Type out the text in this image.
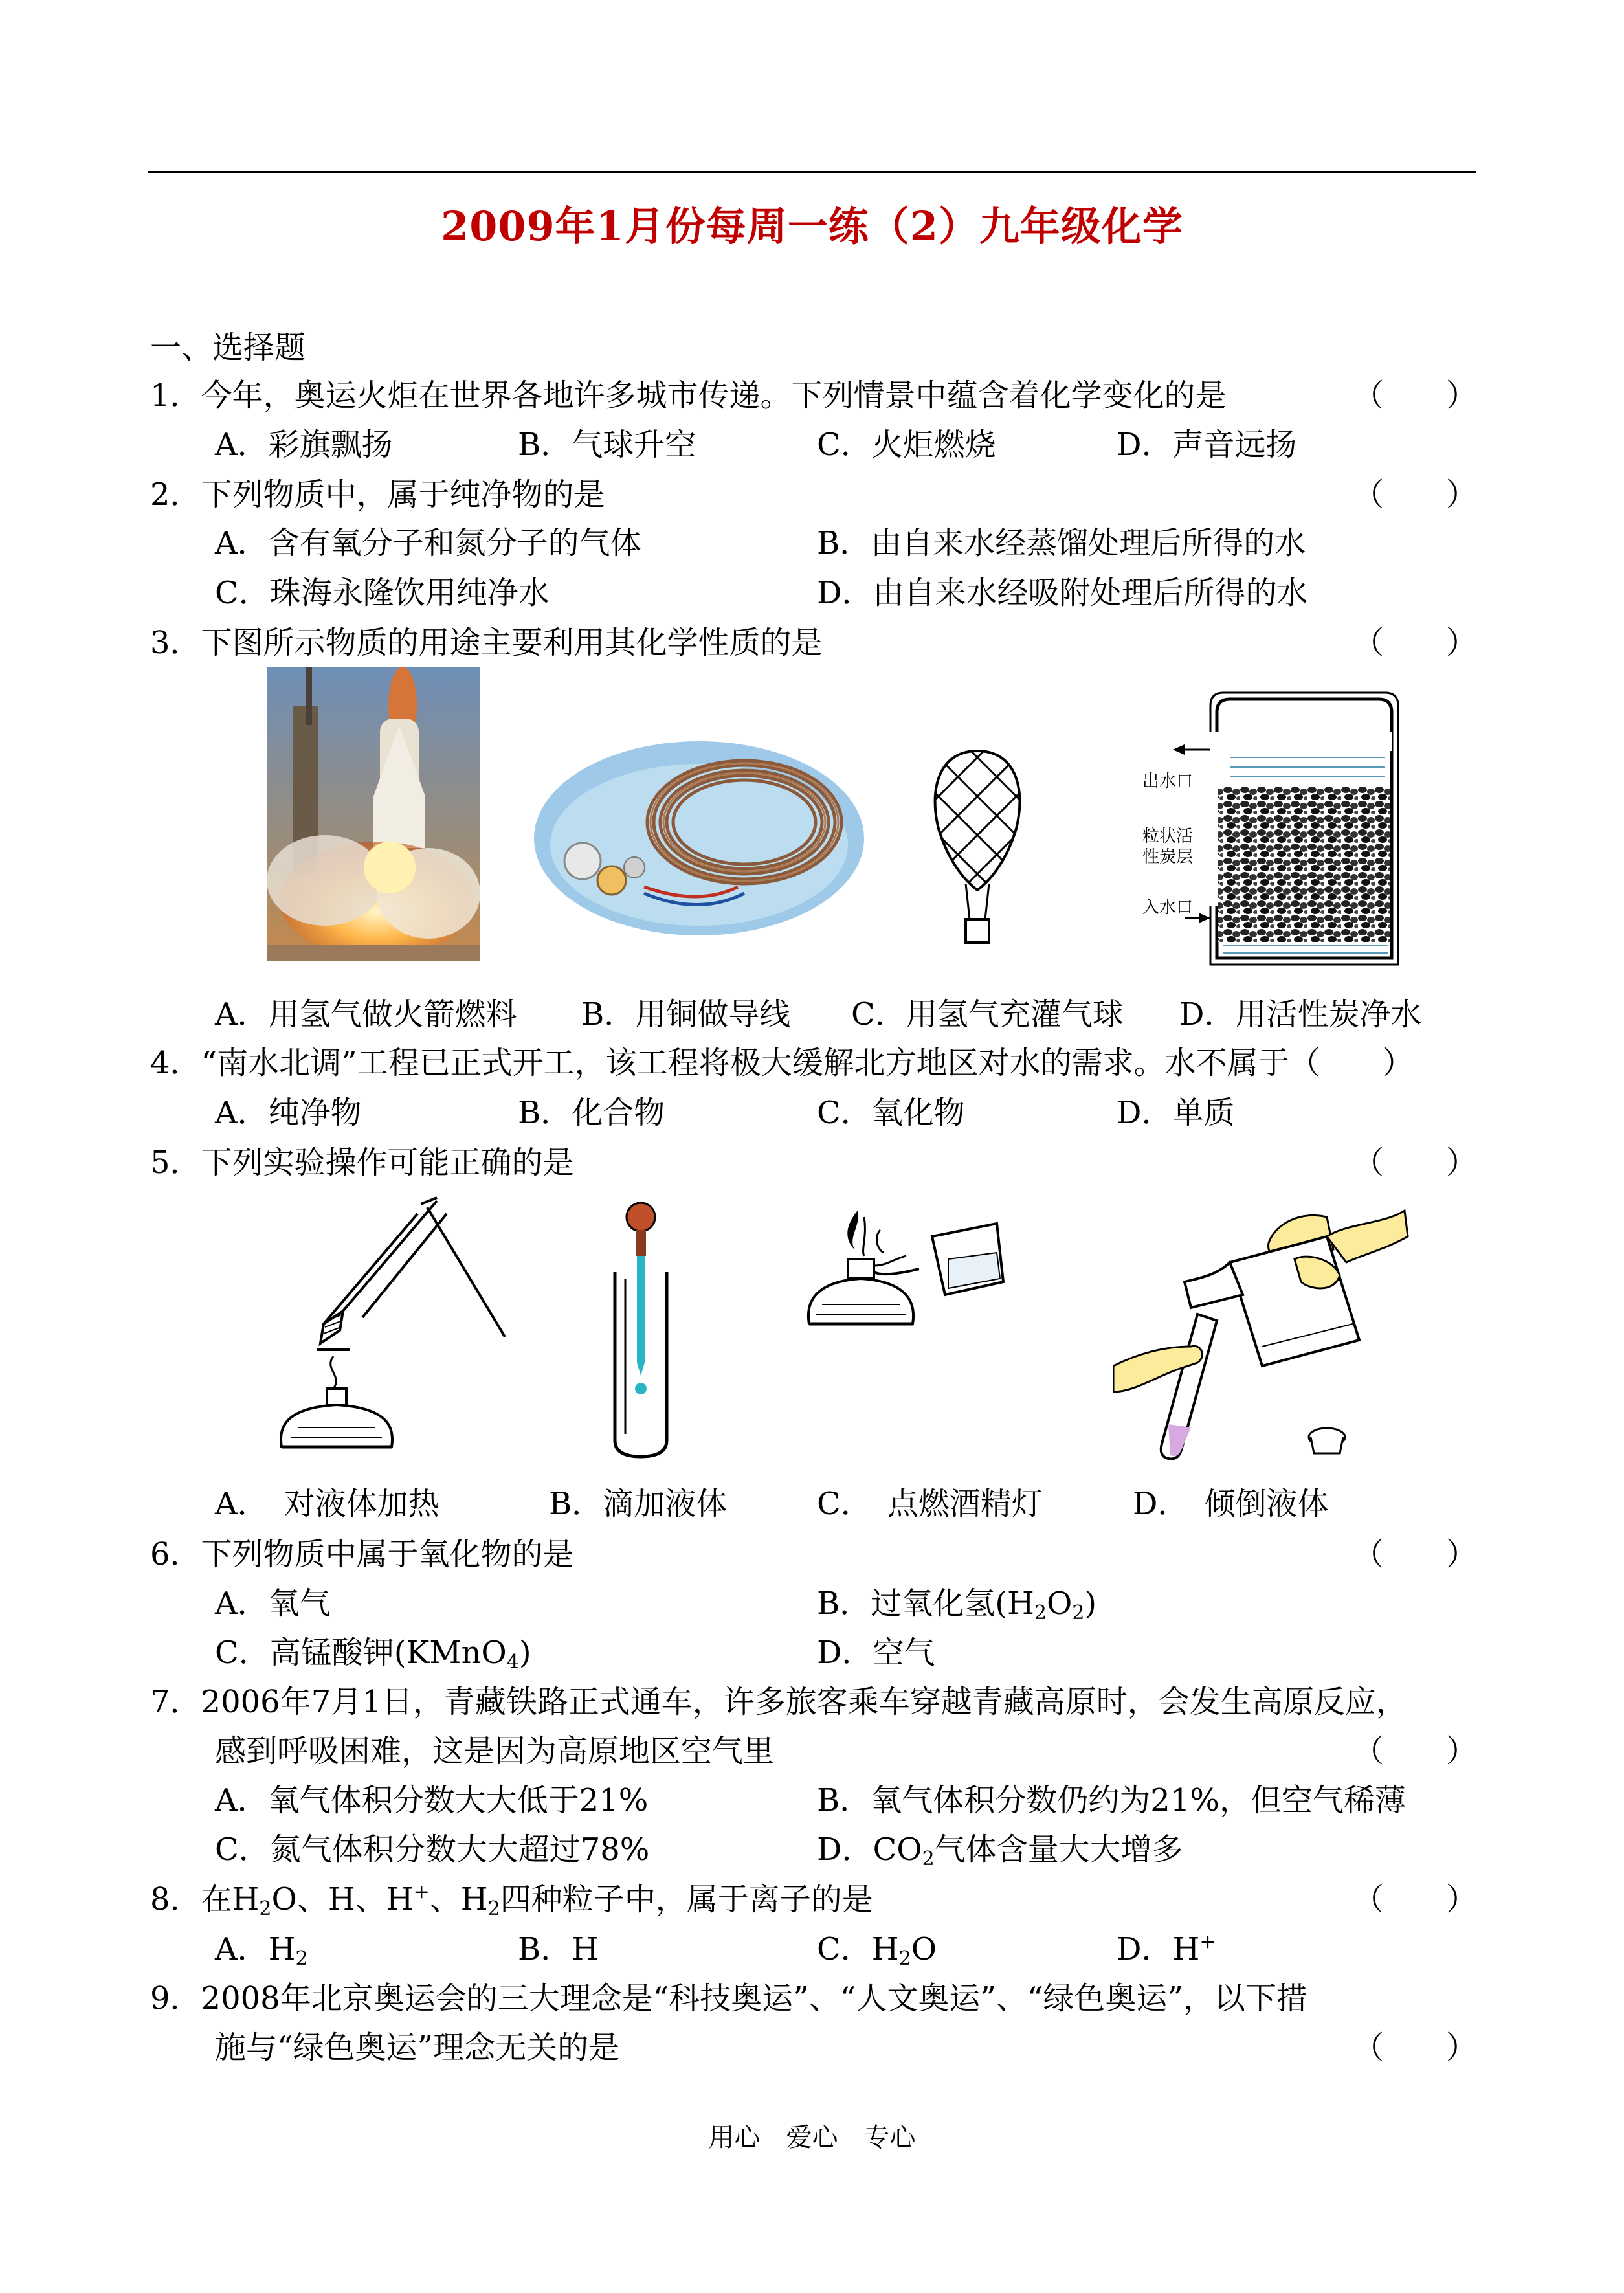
2009年1月份每周一练（2）九年级化学
一、选择题
1．今年，奥运火炬在世界各地许多城市传递。下列情景中蕴含着化学变化的是	（　　）
A．彩旗飘扬	B．气球升空	C．火炬燃烧	D．声音远扬
2．下列物质中，属于纯净物的是	（　　）
A．含有氧分子和氮分子的气体	B．由自来水经蒸馏处理后所得的水
C．珠海永隆饮用纯净水	D．由自来水经吸附处理后所得的水
3．下图所示物质的用途主要利用其化学性质的是	（　　）
出水口
粒状活
性炭层
入水口
A．用氢气做火箭燃料 B．用铜做导线 C．用氢气充灌气球 D．用活性炭净水
4．“南水北调”工程已正式开工，该工程将极大缓解北方地区对水的需求。水不属于（　　）
A．纯净物	B．化合物	C．氧化物	D．单质
5．下列实验操作可能正确的是	（　　）
A．　对液体加热	B．滴加液体	C．　点燃酒精灯	D．　倾倒液体
6．下列物质中属于氧化物的是	（　　）
A．氧气	B．过氧化氢$(H_2O_2)$
C．高锰酸钾(KMnO$_4$)	D．空气
7．2006年7月1日，青藏铁路正式通车，许多旅客乘车穿越青藏高原时，会发生高原反应，
感到呼吸困难，这是因为高原地区空气里	（　　）
A．氧气体积分数大大低于21%	B．氧气体积分数仍约为21%，但空气稀薄
C．氮气体积分数大大超过78%	D．$CO_2$气体含量大大增多
8．在$H_2O$、H、H+、$H_2$四种粒子中，属于离子的是	（　　）
A．$H_2$	B．H	C．$H_2O$	D．H+
9．2008年北京奥运会的三大理念是“科技奥运”、“人文奥运”、“绿色奥运”，以下措
施与“绿色奥运”理念无关的是	（　　）
用心　爱心　专心
